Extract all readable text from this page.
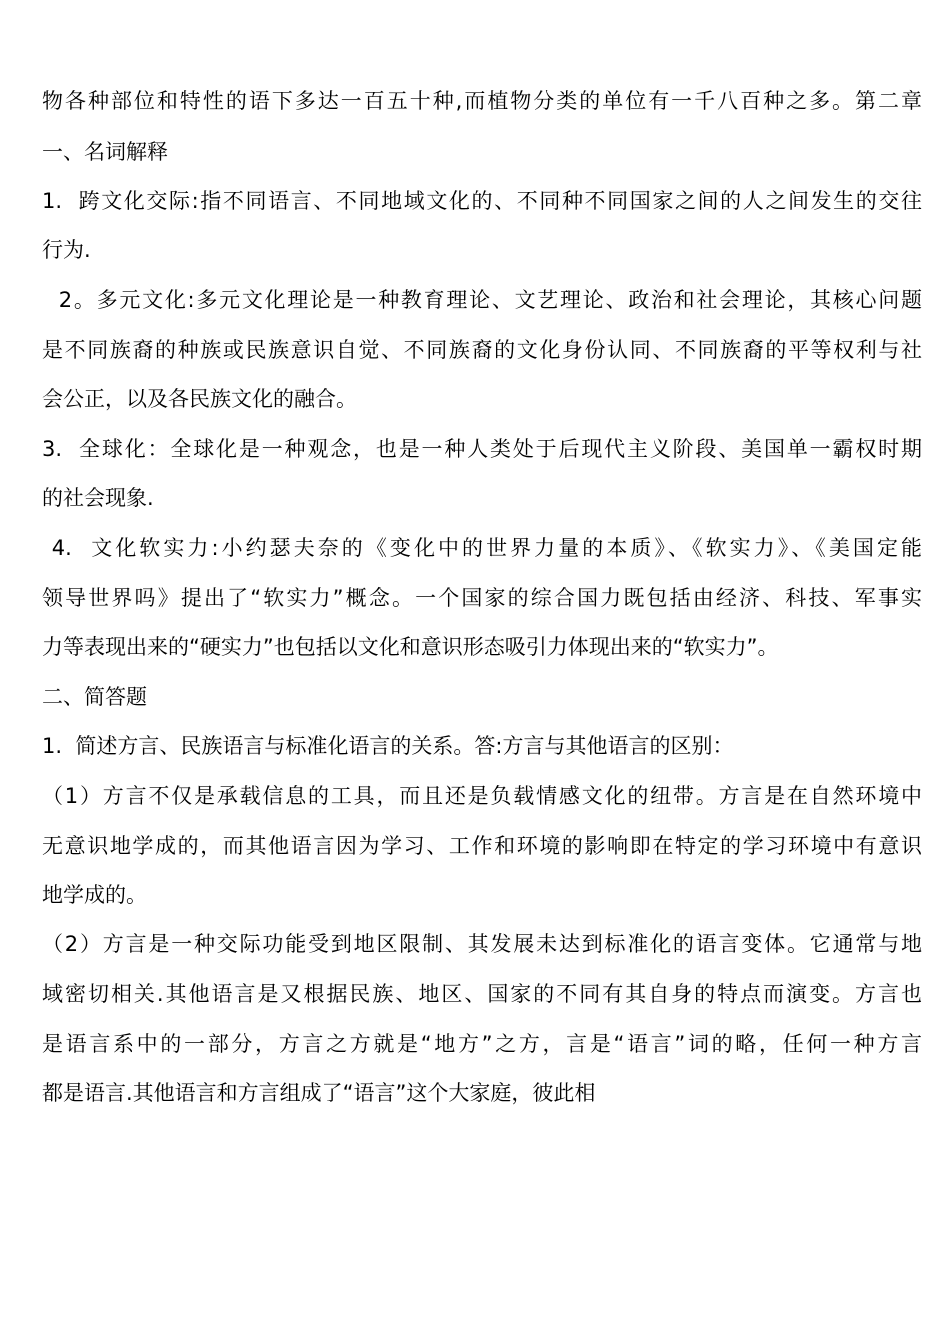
物各种部位和特性的语下多达一百五十种,而植物分类的单位有一千八百种之多。第二章
一、名词解释
1.  跨文化交际:指不同语言、不同地域文化的、不同种不同国家之间的人之间发生的交往
行为.
2。多元文化:多元文化理论是一种教育理论、文艺理论、政治和社会理论，其核心问题
是不同族裔的种族或民族意识自觉、不同族裔的文化身份认同、不同族裔的平等权利与社
会公正，以及各民族文化的融合。
3.  全球化：全球化是一种观念，也是一种人类处于后现代主义阶段、美国单一霸权时期
的社会现象.
4.  文化软实力:小约瑟夫奈的《变化中的世界力量的本质》、《软实力》、《美国定能
领导世界吗》提出了“软实力”概念。一个国家的综合国力既包括由经济、科技、军事实
力等表现出来的“硬实力”也包括以文化和意识形态吸引力体现出来的“软实力”。
二、简答题
1.  简述方言、民族语言与标准化语言的关系。答:方言与其他语言的区别：
（1）方言不仅是承载信息的工具，而且还是负载情感文化的纽带。方言是在自然环境中
无意识地学成的，而其他语言因为学习、工作和环境的影响即在特定的学习环境中有意识
地学成的。
（2）方言是一种交际功能受到地区限制、其发展未达到标准化的语言变体。它通常与地
域密切相关.其他语言是又根据民族、地区、国家的不同有其自身的特点而演变。方言也
是语言系中的一部分，方言之方就是“地方”之方，言是“语言”词的略，任何一种方言
都是语言.其他语言和方言组成了“语言”这个大家庭，彼此相
